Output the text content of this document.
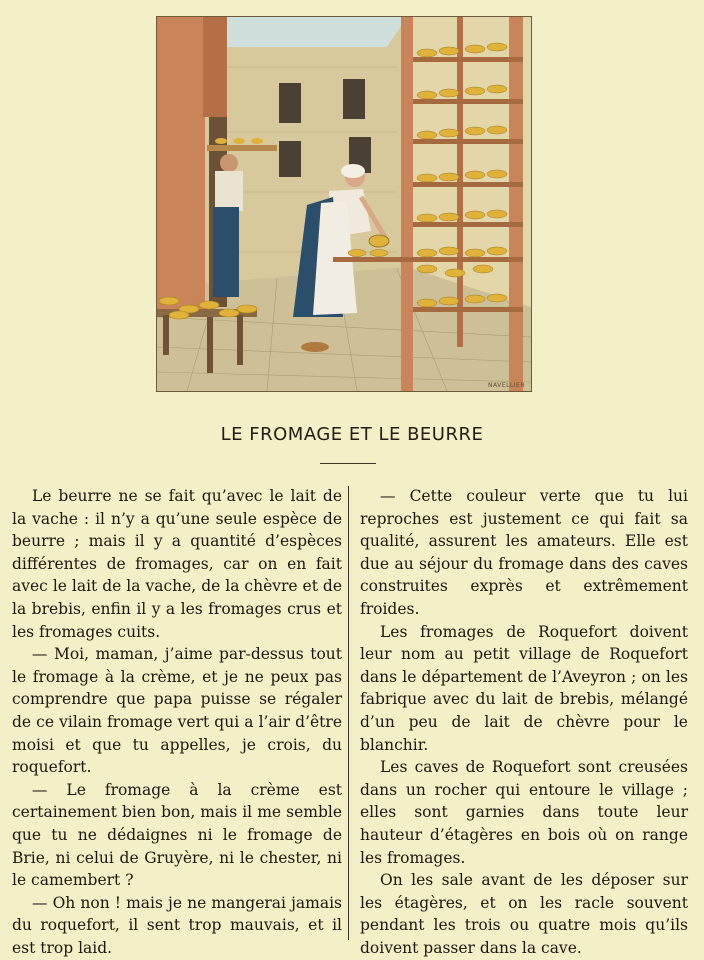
NAVELLIER
LE FROMAGE ET LE BEURRE

Le beurre ne se fait qu’avec le lait de la vache : il n’y a qu’une seule espèce de beurre ; mais il y a quantité d’espèces différentes de fromages, car on en fait avec le lait de la vache, de la chèvre et de la brebis, enfin il y a les fromages crus et les fromages cuits.

— Moi, maman, j’aime par-dessus tout le fromage à la crème, et je ne peux pas comprendre que papa puisse se régaler de ce vilain fromage vert qui a l’air d’être moisi et que tu appelles, je crois, du roquefort.

— Le fromage à la crème est certainement bien bon, mais il me semble que tu ne dédaignes ni le fromage de Brie, ni celui de Gruyère, ni le chester, ni le camembert ?

— Oh non ! mais je ne mangerai jamais du roquefort, il sent trop mauvais, et il est trop laid.

— Cette couleur verte que tu lui reproches est justement ce qui fait sa qualité, assurent les amateurs. Elle est due au séjour du fromage dans des caves construites exprès et extrêmement froides.

Les fromages de Roquefort doivent leur nom au petit village de Roquefort dans le département de l’Aveyron ; on les fabrique avec du lait de brebis, mélangé d’un peu de lait de chèvre pour le blanchir.

Les caves de Roquefort sont creusées dans un rocher qui entoure le village ; elles sont garnies dans toute leur hauteur d’étagères en bois où on range les fromages.

On les sale avant de les déposer sur les étagères, et on les racle souvent pendant les trois ou quatre mois qu’ils doivent passer dans la cave.
